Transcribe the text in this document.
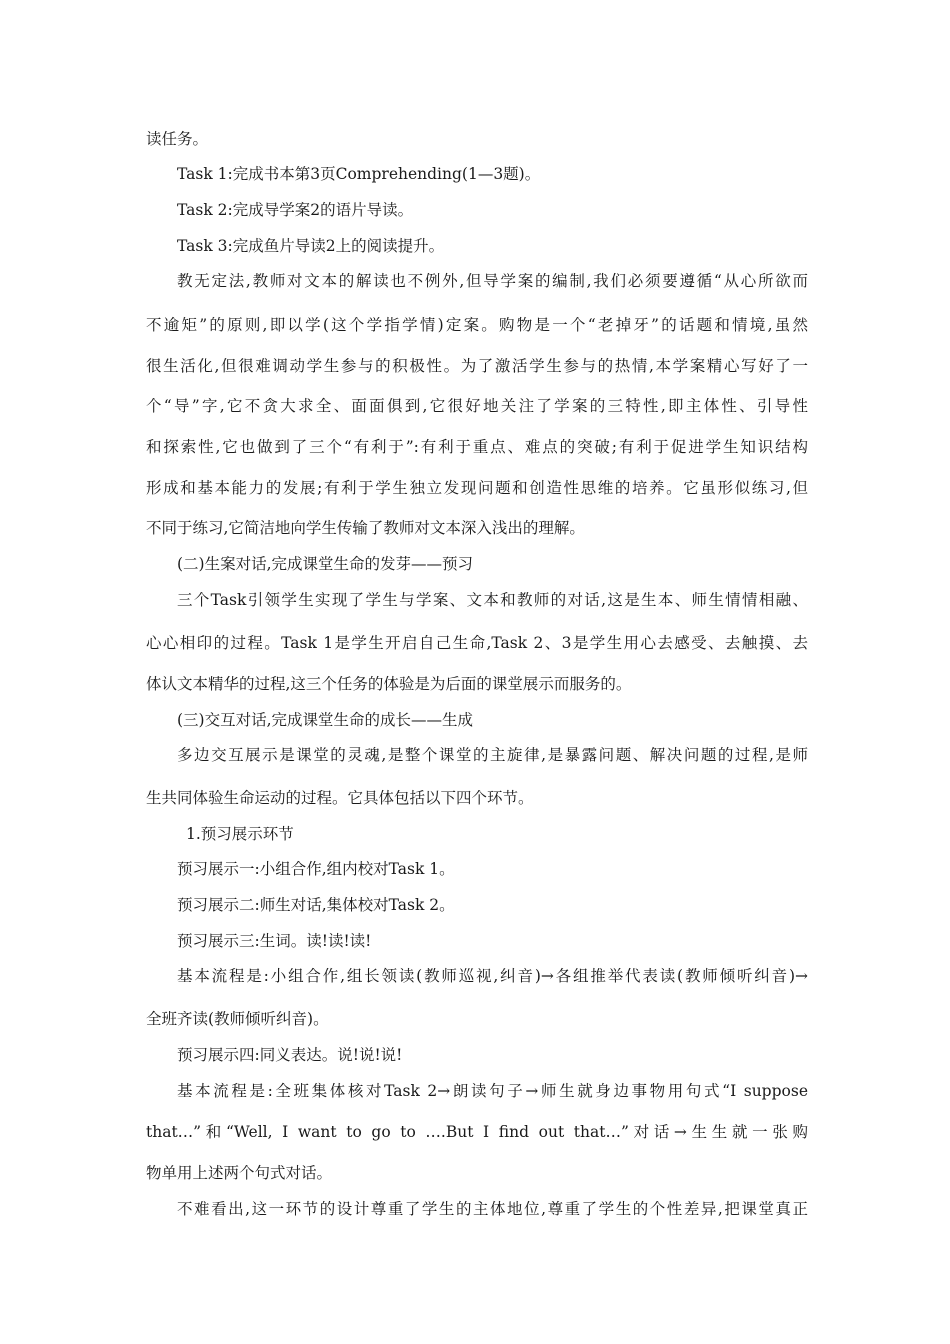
读任务。

Task 1:完成书本第3页Comprehending(1—3题)。

Task 2:完成导学案2的语片导读。

Task 3:完成鱼片导读2上的阅读提升。

教无定法,教师对文本的解读也不例外,但导学案的编制,我们必须要遵循“从心所欲而

不逾矩”的原则,即以学(这个学指学情)定案。购物是一个“老掉牙”的话题和情境,虽然

很生活化,但很难调动学生参与的积极性。为了激活学生参与的热情,本学案精心写好了一

个“导”字,它不贪大求全、面面俱到,它很好地关注了学案的三特性,即主体性、引导性

和探索性,它也做到了三个“有利于”:有利于重点、难点的突破;有利于促进学生知识结构

形成和基本能力的发展;有利于学生独立发现问题和创造性思维的培养。它虽形似练习,但

不同于练习,它简洁地向学生传输了教师对文本深入浅出的理解。

(二)生案对话,完成课堂生命的发芽——预习

三个Task引领学生实现了学生与学案、文本和教师的对话,这是生本、师生情情相融、

心心相印的过程。Task 1是学生开启自己生命,Task 2、3是学生用心去感受、去触摸、去

体认文本精华的过程,这三个任务的体验是为后面的课堂展示而服务的。

(三)交互对话,完成课堂生命的成长——生成

多边交互展示是课堂的灵魂,是整个课堂的主旋律,是暴露问题、解决问题的过程,是师

生共同体验生命运动的过程。它具体包括以下四个环节。

1.预习展示环节

预习展示一:小组合作,组内校对Task 1。

预习展示二:师生对话,集体校对Task 2。

预习展示三:生词。读!读!读!

基本流程是:小组合作,组长领读(教师巡视,纠音)→各组推举代表读(教师倾听纠音)→

全班齐读(教师倾听纠音)。

预习展示四:同义表达。说!说!说!

基本流程是:全班集体核对Task 2→朗读句子→师生就身边事物用句式“I suppose

that…”和“Well, I want to go to ….But I find out that…”对话→生生就一张购

物单用上述两个句式对话。

不难看出,这一环节的设计尊重了学生的主体地位,尊重了学生的个性差异,把课堂真正
